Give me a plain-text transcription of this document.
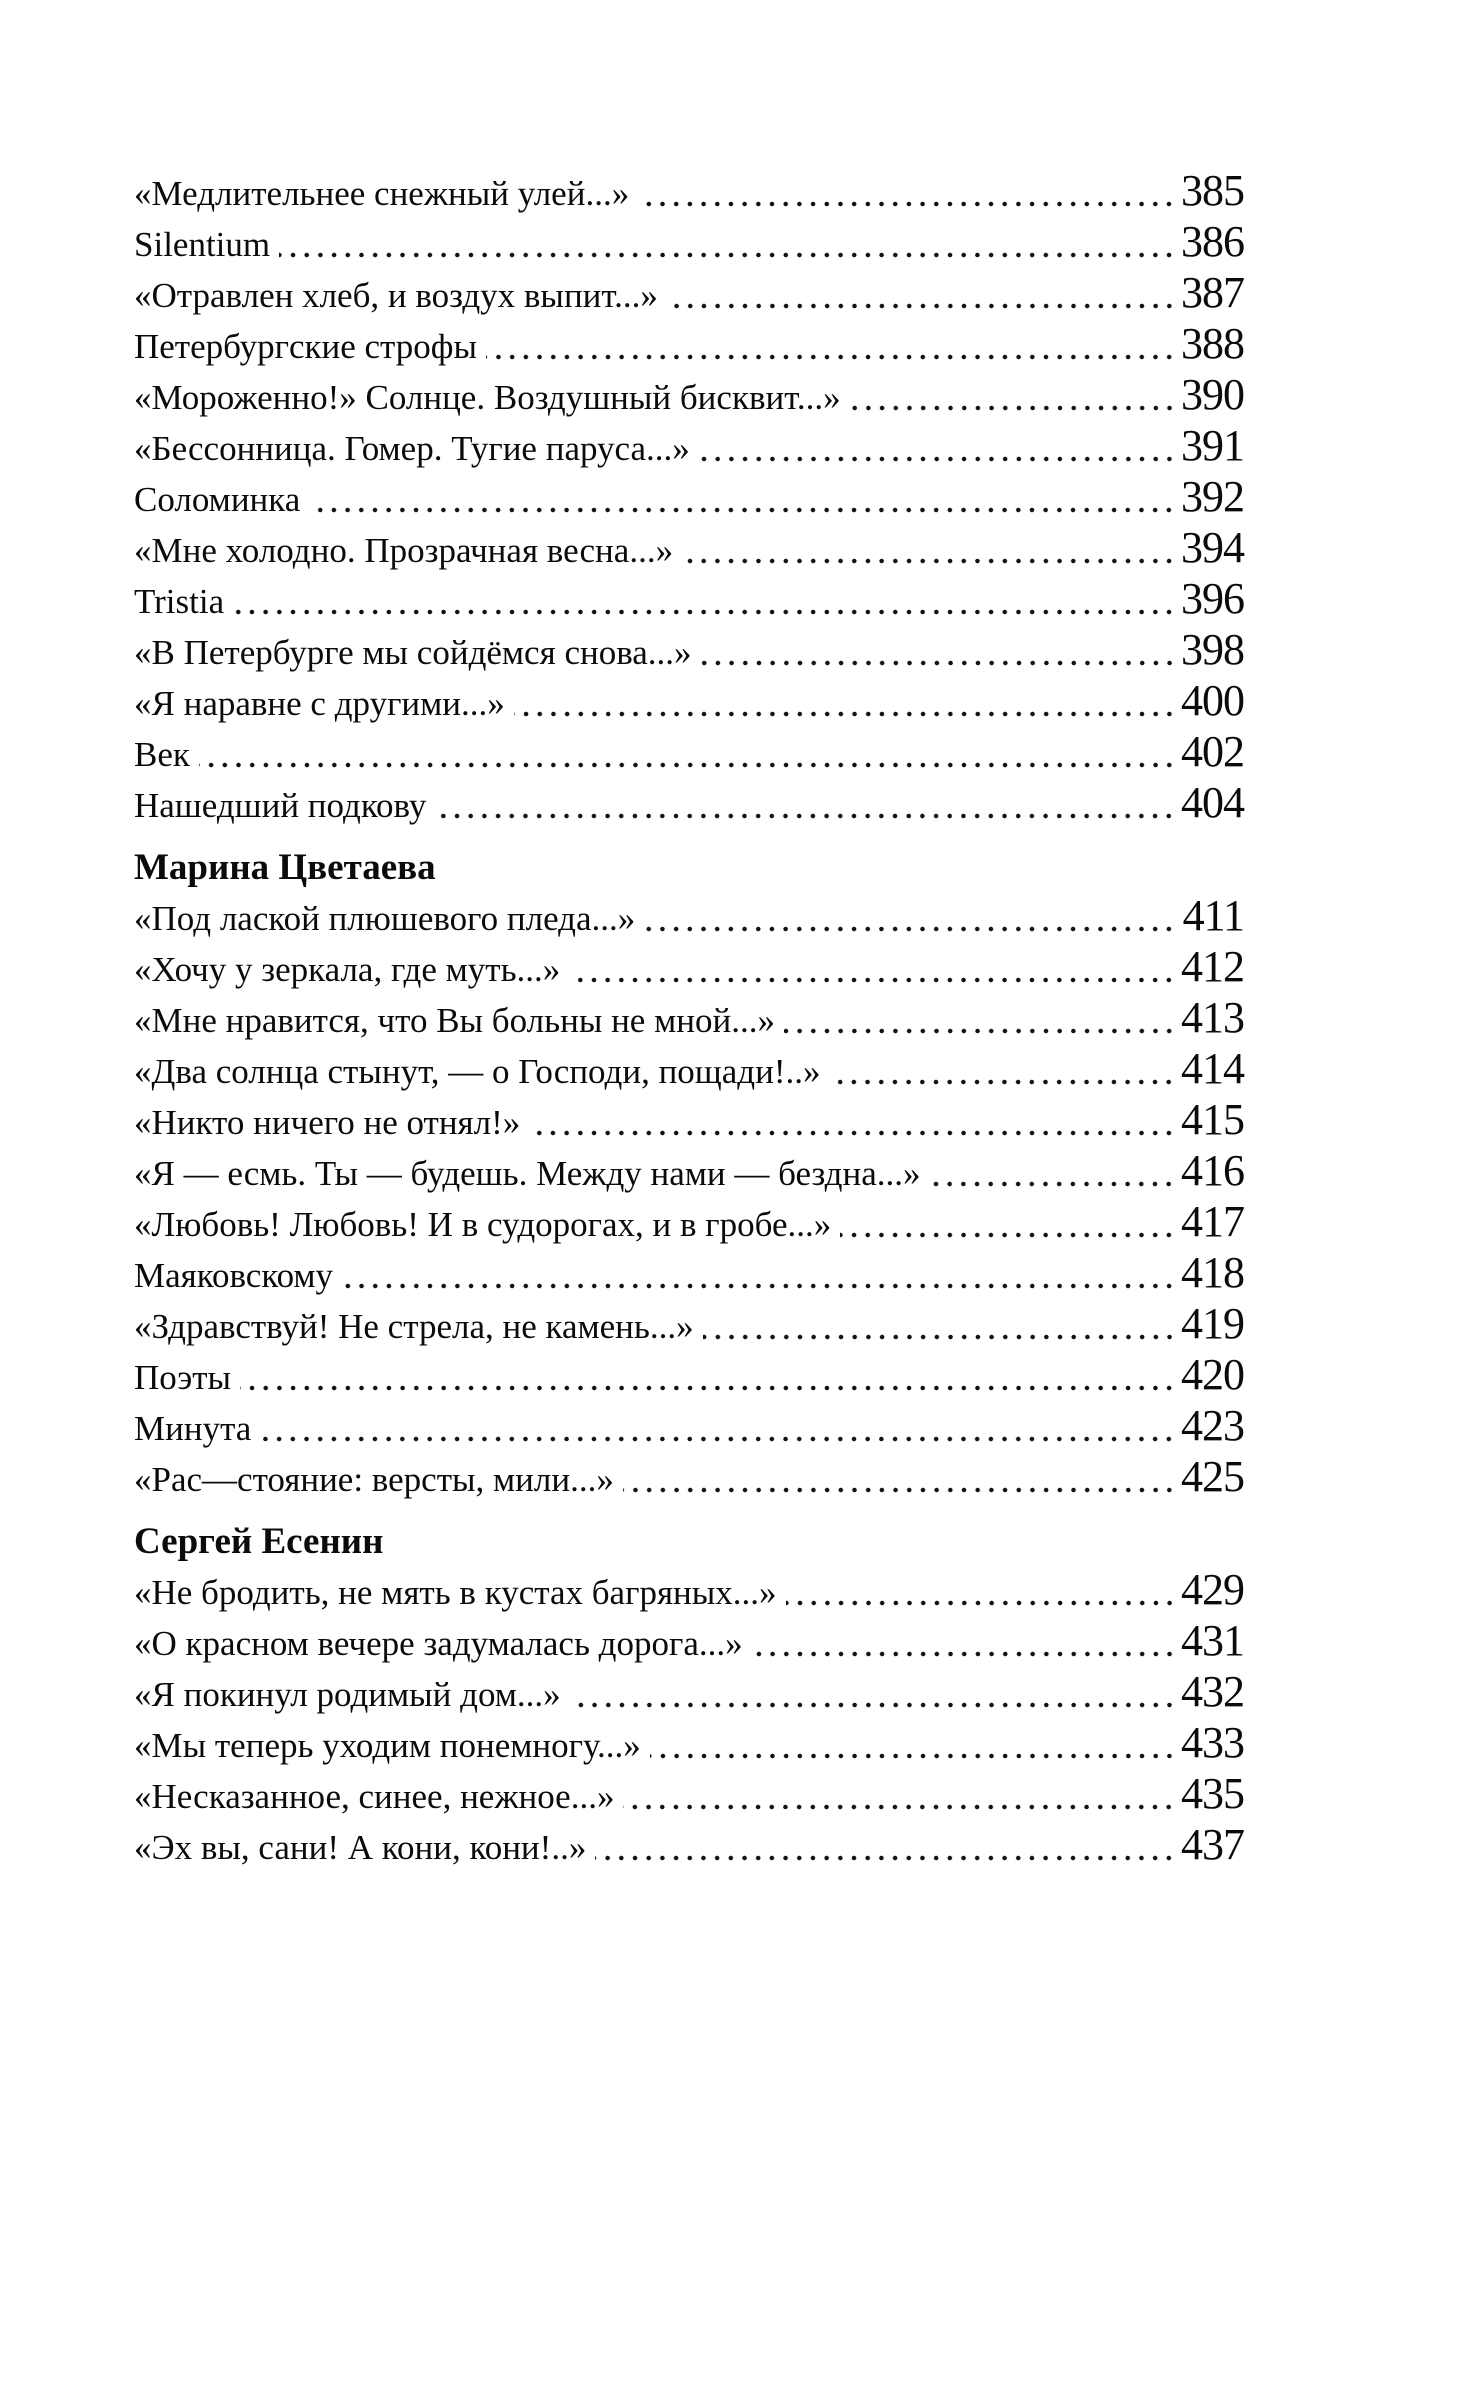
«Медлительнее снежный улей...»	385
Silentium	386
«Отравлен хлеб, и воздух выпит...»	387
Петербургские строфы	388
«Мороженно!» Солнце. Воздушный бисквит...»	390
«Бессонница. Гомер. Тугие паруса...»	391
Соломинка	392
«Мне холодно. Прозрачная весна...»	394
Tristia	396
«В Петербурге мы сойдёмся снова...»	398
«Я наравне с другими...»	400
Век	402
Нашедший подкову	404
Марина Цветаева
«Под лаской плюшевого пледа...»	411
«Хочу у зеркала, где муть...»	412
«Мне нравится, что Вы больны не мной...»	413
«Два солнца стынут, — о Господи, пощади!..»	414
«Никто ничего не отнял!»	415
«Я — есмь. Ты — будешь. Между нами — бездна...»	416
«Любовь! Любовь! И в судорогах, и в гробе...»	417
Маяковскому	418
«Здравствуй! Не стрела, не камень...»	419
Поэты	420
Минута	423
«Рас—стояние: версты, мили...»	425
Сергей Есенин
«Не бродить, не мять в кустах багряных...»	429
«О красном вечере задумалась дорога...»	431
«Я покинул родимый дом...»	432
«Мы теперь уходим понемногу...»	433
«Несказанное, синее, нежное...»	435
«Эх вы, сани! А кони, кони!..»	437
